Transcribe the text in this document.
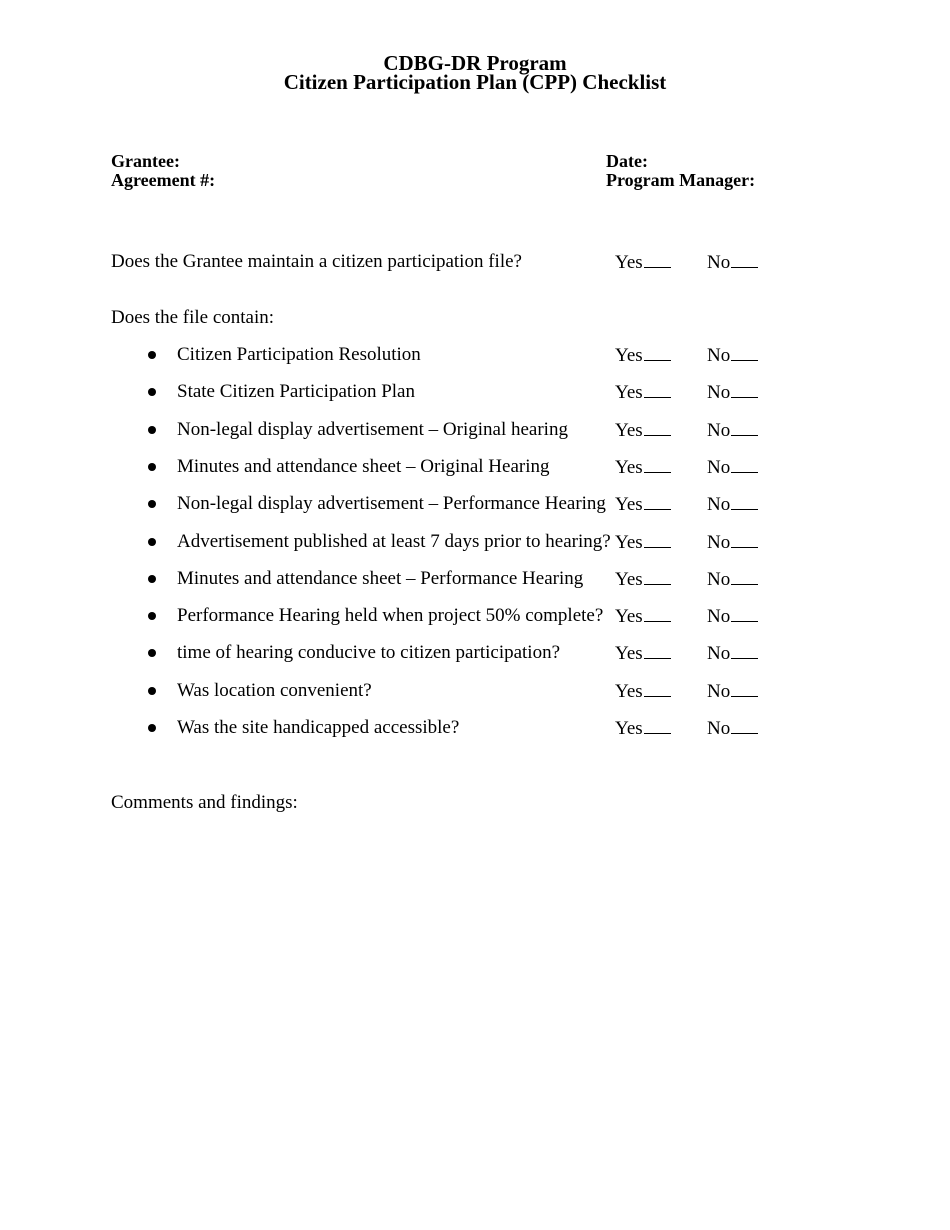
CDBG-DR Program
Citizen Participation Plan (CPP) Checklist
Grantee:
Agreement #:
Date:
Program Manager:
Does the Grantee maintain a citizen participation file?	Yes	No
Does the file contain:
Citizen Participation Resolution	Yes	No
State Citizen Participation Plan	Yes	No
Non-legal display advertisement – Original hearing Yes	No
Minutes and attendance sheet – Original Hearing	Yes	No
Non-legal display advertisement – Performance Hearing Yes	No
Advertisement published at least 7 days prior to hearing? Yes	No
Minutes and attendance sheet – Performance Hearing Yes	No
Performance Hearing held when project 50% complete? Yes	No
time of hearing conducive to citizen participation?	Yes	No
Was location convenient?	Yes	No
Was the site handicapped accessible?	Yes	No
Comments and findings:
